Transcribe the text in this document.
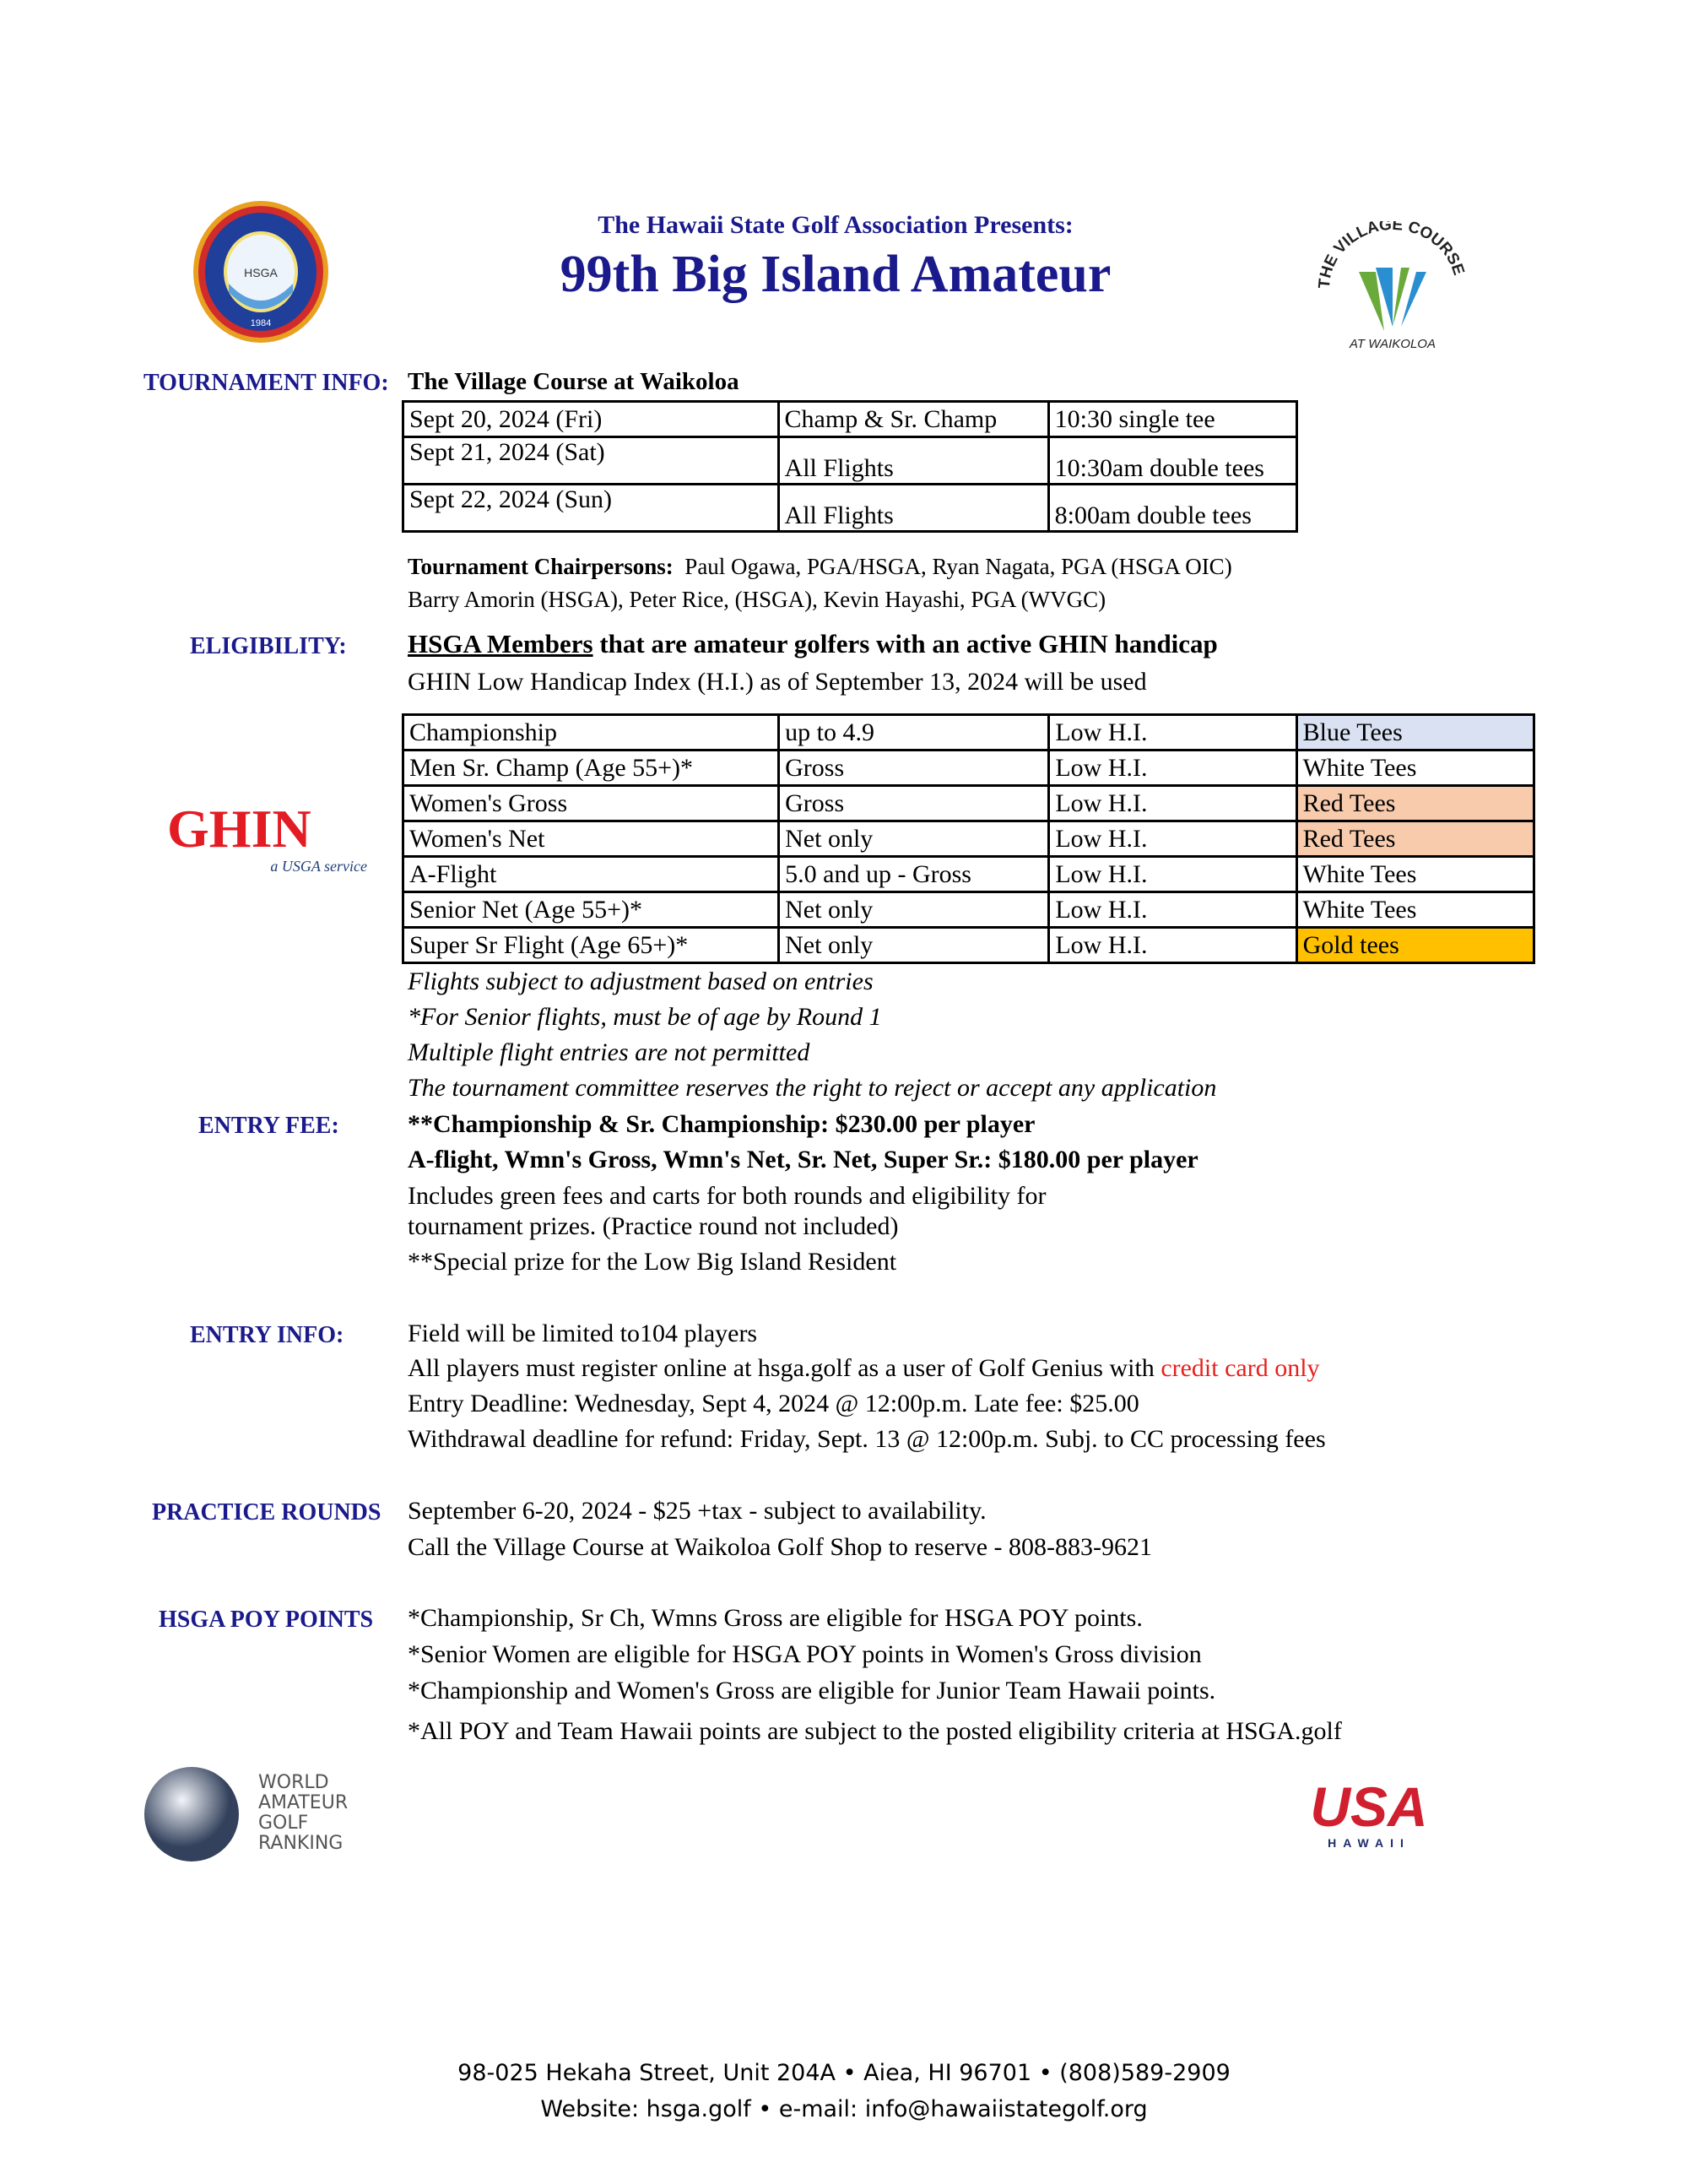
HSGA
1984
The Hawaii State Golf Association Presents:
99th Big Island Amateur	THE VILLAGE COURSE
AT WAIKOLOA
TOURNAMENT INFO: The Village Course at Waikoloa
Sept 20, 2024 (Fri)	Champ & Sr. Champ	10:30 single tee
Sept 21, 2024 (Sat)	All Flights	10:30am double tees
Sept 22, 2024 (Sun)	All Flights	8:00am double tees
Tournament Chairpersons: Paul Ogawa, PGA/HSGA, Ryan Nagata, PGA (HSGA OIC)
Barry Amorin (HSGA), Peter Rice, (HSGA), Kevin Hayashi, PGA (WVGC)
ELIGIBILITY: HSGA Members that are amateur golfers with an active GHIN handicap
GHIN Low Handicap Index (H.I.) as of September 13, 2024 will be used
Championship	up to 4.9	Low H.I.	Blue Tees
Men Sr. Champ (Age 55+)*	Gross	Low H.I.	White Tees
Women's Gross	Gross	Low H.I.	Red Tees
Women's Net	Net only	Low H.I.	Red Tees
A-Flight	5.0 and up - Gross	Low H.I.	White Tees
Senior Net (Age 55+)*	Net only	Low H.I.	White Tees
Super Sr Flight (Age 65+)*	Net only	Low H.I.	Gold tees
GHIN
a USGA service
Flights subject to adjustment based on entries
*For Senior flights, must be of age by Round 1
Multiple flight entries are not permitted
The tournament committee reserves the right to reject or accept any application
ENTRY FEE:	**Championship & Sr. Championship: $230.00 per player
A-flight, Wmn's Gross, Wmn's Net, Sr. Net, Super Sr.: $180.00 per player
Includes green fees and carts for both rounds and eligibility for
tournament prizes. (Practice round not included)
**Special prize for the Low Big Island Resident
ENTRY INFO:	Field will be limited to104 players
All players must register online at hsga.golf as a user of Golf Genius with credit card only
Entry Deadline: Wednesday, Sept 4, 2024 @ 12:00p.m. Late fee: $25.00
Withdrawal deadline for refund: Friday, Sept. 13 @ 12:00p.m. Subj. to CC processing fees
PRACTICE ROUNDS September 6-20, 2024 - $25 +tax - subject to availability.
Call the Village Course at Waikoloa Golf Shop to reserve - 808-883-9621
HSGA POY POINTS *Championship, Sr Ch, Wmns Gross are eligible for HSGA POY points.
*Senior Women are eligible for HSGA POY points in Women's Gross division
*Championship and Women's Gross are eligible for Junior Team Hawaii points.
*All POY and Team Hawaii points are subject to the posted eligibility criteria at HSGA.golf
WORLD
AMATEUR
GOLF
RANKING
USA
HAWAII
98-025 Hekaha Street, Unit 204A • Aiea, HI 96701 • (808)589-2909
Website: hsga.golf • e-mail: info@hawaiistategolf.org
